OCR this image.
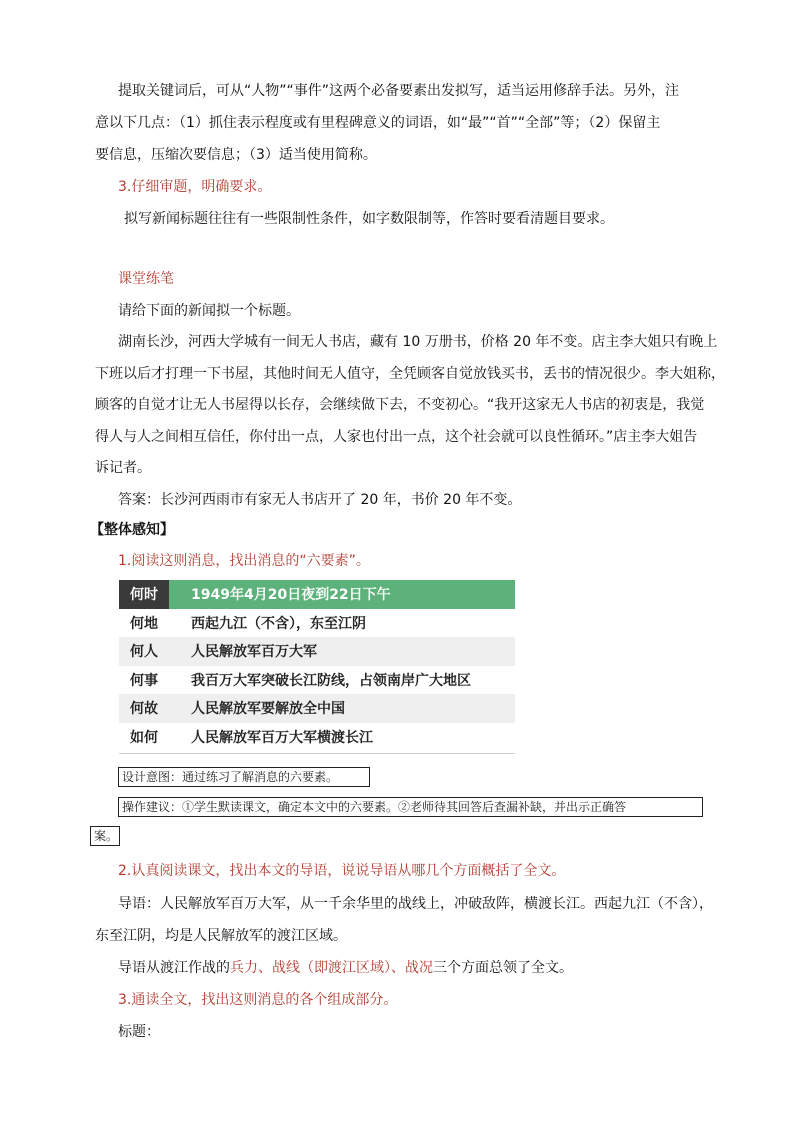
提取关键词后，可从“人物”“事件”这两个必备要素出发拟写，适当运用修辞手法。另外，注
意以下几点：（1）抓住表示程度或有里程碑意义的词语，如“最”“首”“全部”等；（2）保留主
要信息，压缩次要信息；（3）适当使用简称。
3.仔细审题，明确要求。
拟写新闻标题往往有一些限制性条件，如字数限制等，作答时要看清题目要求。
课堂练笔
请给下面的新闻拟一个标题。
湖南长沙，河西大学城有一间无人书店，藏有 10 万册书，价格 20 年不变。店主李大姐只有晚上
下班以后才打理一下书屋，其他时间无人值守，全凭顾客自觉放钱买书，丢书的情况很少。李大姐称，
顾客的自觉才让无人书屋得以长存，会继续做下去，不变初心。“我开这家无人书店的初衷是，我觉
得人与人之间相互信任，你付出一点，人家也付出一点，这个社会就可以良性循环。”店主李大姐告
诉记者。
答案：长沙河西雨市有家无人书店开了 20 年，书价 20 年不变。
【整体感知】
1.阅读这则消息，找出消息的“六要素”。
何时	1949年4月20日夜到22日下午
何地	西起九江（不含），东至江阴
何人	人民解放军百万大军
何事	我百万大军突破长江防线，占领南岸广大地区
何故	人民解放军要解放全中国
如何	人民解放军百万大军横渡长江
设计意图：通过练习了解消息的六要素。
操作建议：①学生默读课文，确定本文中的六要素。②老师待其回答后查漏补缺，并出示正确答
案。
2.认真阅读课文，找出本文的导语，说说导语从哪几个方面概括了全文。
导语：人民解放军百万大军，从一千余华里的战线上，冲破敌阵，横渡长江。西起九江（不含），
东至江阴，均是人民解放军的渡江区域。
导语从渡江作战的兵力、战线（即渡江区域）、战况三个方面总领了全文。
3.通读全文，找出这则消息的各个组成部分。
标题：
